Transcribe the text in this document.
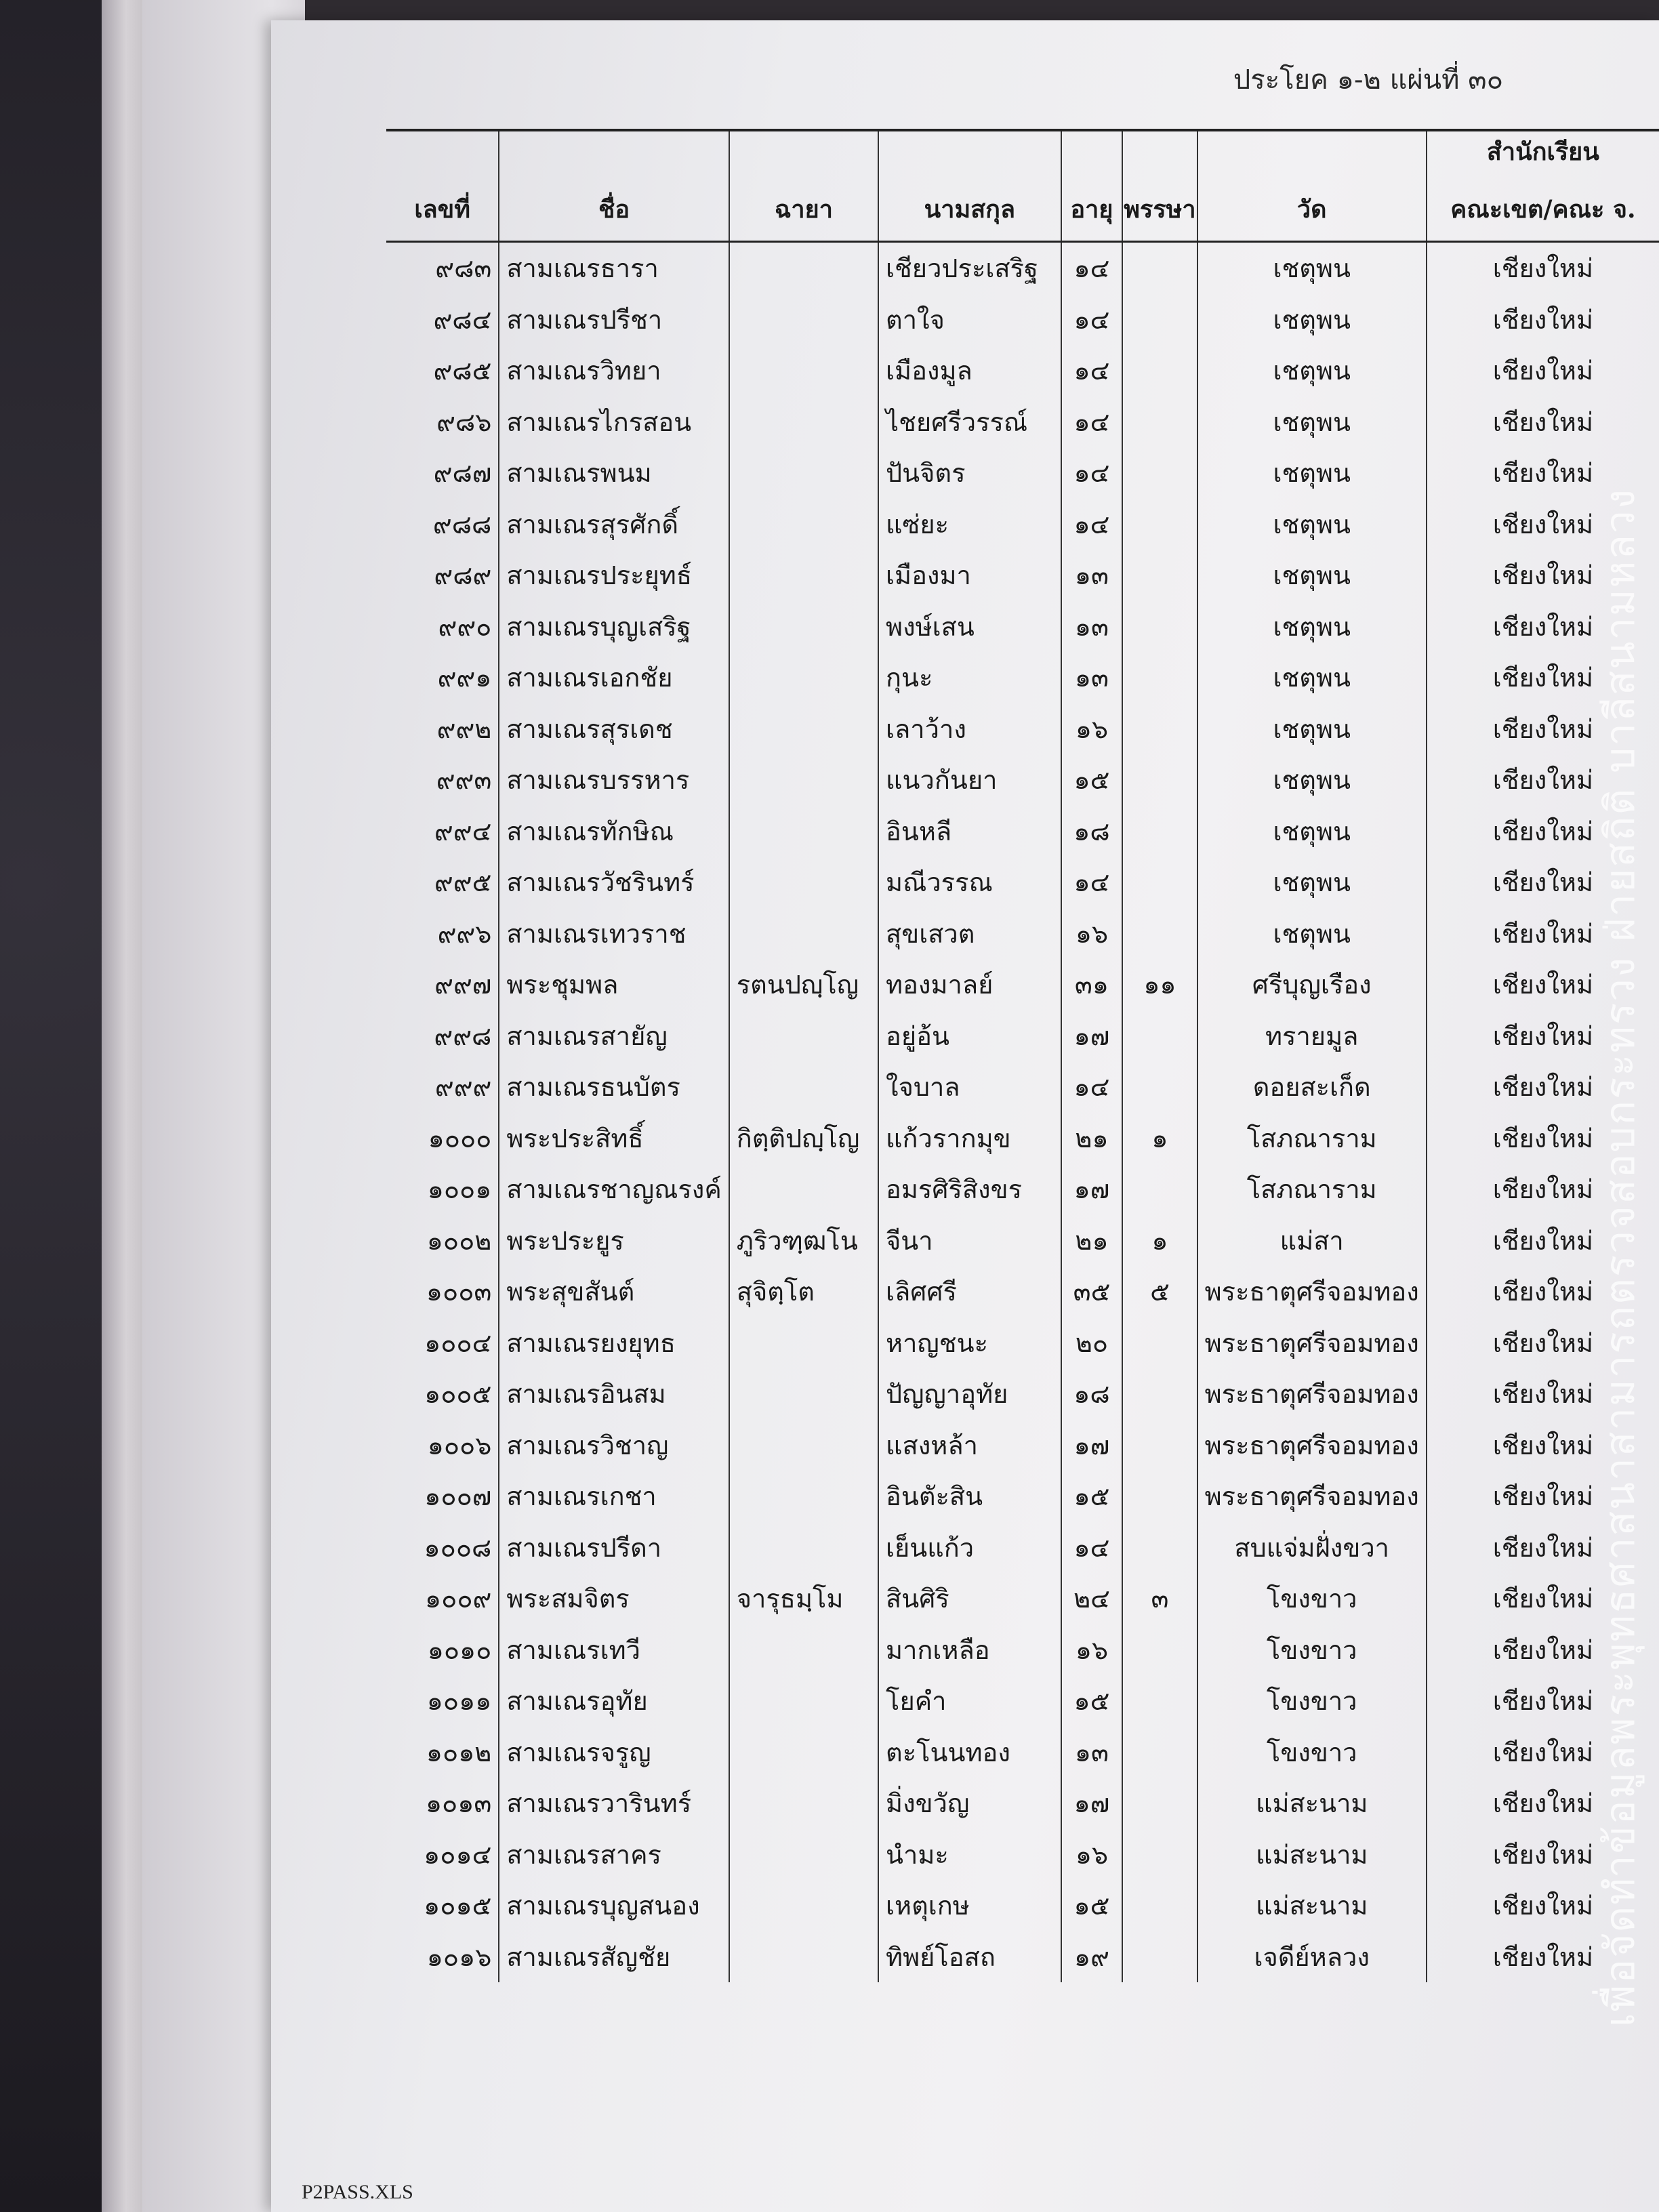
ประโยค ๑-๒ แผ่นที่ ๓๐
เพื่อจัดทำข้อมูลพระพุทธศาสนาสามารถตรวจสอบกระทรวง ฝ่ายสถิติ บาลีสนามหลวง
เลขที่	ชื่อ	ฉายา	นามสกุล	อายุ	พรรษา	วัด	สำนักเรียน
คณะเขต/คณะ จ.
๙๘๓	สามเณรธารา		เชียวประเสริฐ	๑๔		เชตุพน	เชียงใหม่
๙๘๔	สามเณรปรีชา		ตาใจ	๑๔		เชตุพน	เชียงใหม่
๙๘๕	สามเณรวิทยา		เมืองมูล	๑๔		เชตุพน	เชียงใหม่
๙๘๖	สามเณรไกรสอน		ไชยศรีวรรณ์	๑๔		เชตุพน	เชียงใหม่
๙๘๗	สามเณรพนม		ปันจิตร	๑๔		เชตุพน	เชียงใหม่
๙๘๘	สามเณรสุรศักดิ์		แซ่ยะ	๑๔		เชตุพน	เชียงใหม่
๙๘๙	สามเณรประยุทธ์		เมืองมา	๑๓		เชตุพน	เชียงใหม่
๙๙๐	สามเณรบุญเสริฐ		พงษ์เสน	๑๓		เชตุพน	เชียงใหม่
๙๙๑	สามเณรเอกชัย		กุนะ	๑๓		เชตุพน	เชียงใหม่
๙๙๒	สามเณรสุรเดช		เลาว้าง	๑๖		เชตุพน	เชียงใหม่
๙๙๓	สามเณรบรรหาร		แนวกันยา	๑๕		เชตุพน	เชียงใหม่
๙๙๔	สามเณรทักษิณ		อินหลี	๑๘		เชตุพน	เชียงใหม่
๙๙๕	สามเณรวัชรินทร์		มณีวรรณ	๑๔		เชตุพน	เชียงใหม่
๙๙๖	สามเณรเทวราช		สุขเสวต	๑๖		เชตุพน	เชียงใหม่
๙๙๗	พระชุมพล	รตนปญฺโญ	ทองมาลย์	๓๑	๑๑	ศรีบุญเรือง	เชียงใหม่
๙๙๘	สามเณรสายัญ		อยู่อ้น	๑๗		ทรายมูล	เชียงใหม่
๙๙๙	สามเณรธนบัตร		ใจบาล	๑๔		ดอยสะเก็ด	เชียงใหม่
๑๐๐๐	พระประสิทธิ์	กิตฺติปญฺโญ	แก้วรากมุข	๒๑	๑	โสภณาราม	เชียงใหม่
๑๐๐๑	สามเณรชาญณรงค์		อมรศิริสิงขร	๑๗		โสภณาราม	เชียงใหม่
๑๐๐๒	พระประยูร	ภูริวฑฺฒโน	จีนา	๒๑	๑	แม่สา	เชียงใหม่
๑๐๐๓	พระสุขสันต์	สุจิตฺโต	เลิศศรี	๓๕	๕	พระธาตุศรีจอมทอง	เชียงใหม่
๑๐๐๔	สามเณรยงยุทธ		หาญชนะ	๒๐		พระธาตุศรีจอมทอง	เชียงใหม่
๑๐๐๕	สามเณรอินสม		ปัญญาอุทัย	๑๘		พระธาตุศรีจอมทอง	เชียงใหม่
๑๐๐๖	สามเณรวิชาญ		แสงหล้า	๑๗		พระธาตุศรีจอมทอง	เชียงใหม่
๑๐๐๗	สามเณรเกชา		อินตัะสิน	๑๕		พระธาตุศรีจอมทอง	เชียงใหม่
๑๐๐๘	สามเณรปรีดา		เย็นแก้ว	๑๔		สบแจ่มฝั่งขวา	เชียงใหม่
๑๐๐๙	พระสมจิตร	จารุธมฺโม	สินศิริ	๒๔	๓	โขงขาว	เชียงใหม่
๑๐๑๐	สามเณรเทวี		มากเหลือ	๑๖		โขงขาว	เชียงใหม่
๑๐๑๑	สามเณรอุทัย		โยคำ	๑๕		โขงขาว	เชียงใหม่
๑๐๑๒	สามเณรจรูญ		ตะโนนทอง	๑๓		โขงขาว	เชียงใหม่
๑๐๑๓	สามเณรวารินทร์		มิ่งขวัญ	๑๗		แม่สะนาม	เชียงใหม่
๑๐๑๔	สามเณรสาคร		นำมะ	๑๖		แม่สะนาม	เชียงใหม่
๑๐๑๕	สามเณรบุญสนอง		เหตุเกษ	๑๕		แม่สะนาม	เชียงใหม่
๑๐๑๖	สามเณรสัญชัย		ทิพย์โอสถ	๑๙		เจดีย์หลวง	เชียงใหม่
P2PASS.XLS
